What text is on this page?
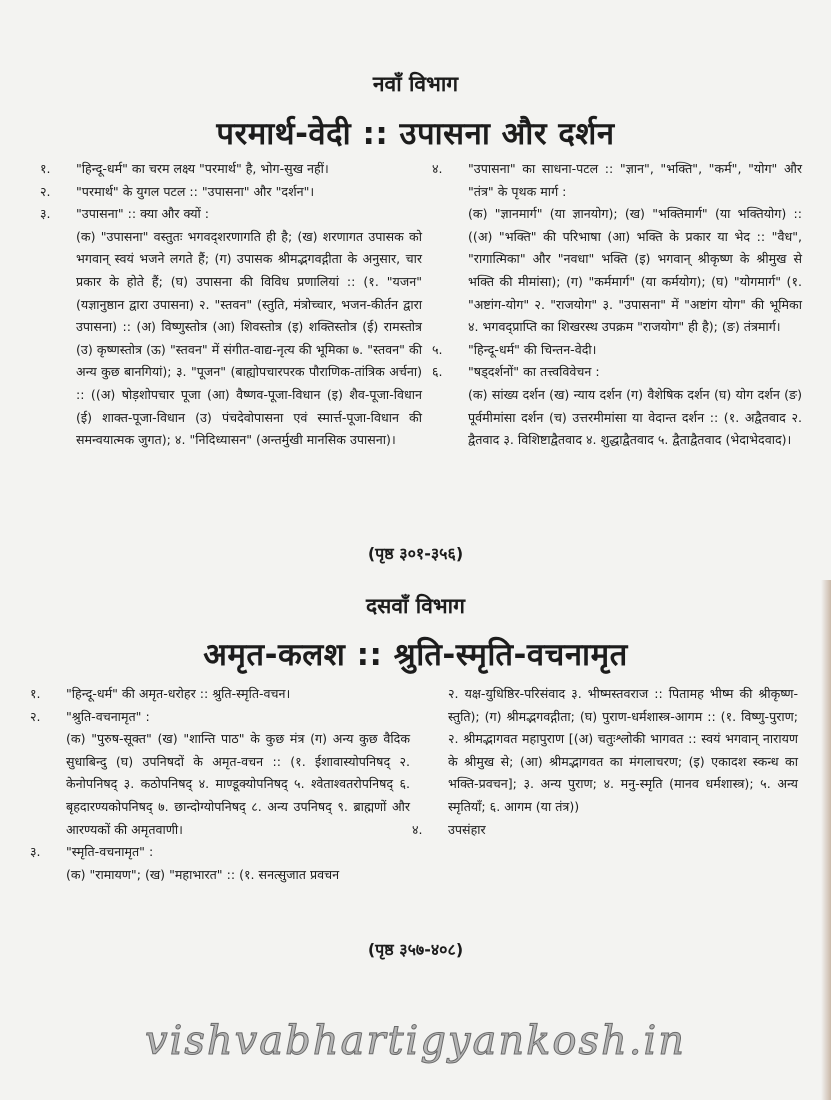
नवाँ विभाग
परमार्थ-वेदी :: उपासना और दर्शन
१.	"हिन्दू-धर्म" का चरम लक्ष्य "परमार्थ" है, भोग-सुख नहीं।
२.	"परमार्थ" के युगल पटल :: "उपासना" और "दर्शन"।
३.	"उपासना" :: क्या और क्यों :
(क) "उपासना" वस्तुतः भगवद्शरणागति ही है; (ख) शरणागत उपासक को भगवान् स्वयं भजने लगते हैं; (ग) उपासक श्रीमद्भगवद्गीता के अनुसार, चार प्रकार के होते हैं; (घ) उपासना की विविध प्रणालियां :: (१. "यजन" (यज्ञानुष्ठान द्वारा उपासना) २. "स्तवन" (स्तुति, मंत्रोच्चार, भजन-कीर्तन द्वारा उपासना) :: (अ) विष्णुस्तोत्र (आ) शिवस्तोत्र (इ) शक्तिस्तोत्र (ई) रामस्तोत्र (उ) कृष्णस्तोत्र (ऊ) "स्तवन" में संगीत-वाद्य-नृत्य की भूमिका ७. "स्तवन" की अन्य कुछ बानगियां); ३. "पूजन" (बाह्योपचारपरक पौराणिक-तांत्रिक अर्चना) :: ((अ) षोड़शोपचार पूजा (आ) वैष्णव-पूजा-विधान (इ) शैव-पूजा-विधान (ई) शाक्त-पूजा-विधान (उ) पंचदेवोपासना एवं स्मार्त्त-पूजा-विधान की समन्वयात्मक जुगत); ४. "निदिध्यासन" (अन्तर्मुखी मानसिक उपासना)।
४.	"उपासना" का साधना-पटल :: "ज्ञान", "भक्ति", "कर्म", "योग" और "तंत्र" के पृथक मार्ग :
(क) "ज्ञानमार्ग" (या ज्ञानयोग); (ख) "भक्तिमार्ग" (या भक्तियोग) :: ((अ) "भक्ति" की परिभाषा (आ) भक्ति के प्रकार या भेद :: "वैध", "रागात्मिका" और "नवधा" भक्ति (इ) भगवान् श्रीकृष्ण के श्रीमुख से भक्ति की मीमांसा); (ग) "कर्ममार्ग" (या कर्मयोग); (घ) "योगमार्ग" (१. "अष्टांग-योग" २. "राजयोग" ३. "उपासना" में "अष्टांग योग" की भूमिका ४. भगवद्प्राप्ति का शिखरस्थ उपक्रम "राजयोग" ही है); (ङ) तंत्रमार्ग।
५.	"हिन्दू-धर्म" की चिन्तन-वेदी।
६.	"षड्दर्शनों" का तत्त्वविवेचन :
(क) सांख्य दर्शन (ख) न्याय दर्शन (ग) वैशेषिक दर्शन (घ) योग दर्शन (ङ) पूर्वमीमांसा दर्शन (च) उत्तरमीमांसा या वेदान्त दर्शन :: (१. अद्वैतवाद २. द्वैतवाद ३. विशिष्टाद्वैतवाद ४. शुद्धाद्वैतवाद ५. द्वैताद्वैतवाद (भेदाभेदवाद)।
(पृष्ठ ३०१-३५६)
दसवाँ विभाग
अमृत-कलश :: श्रुति-स्मृति-वचनामृत
१.	"हिन्दू-धर्म" की अमृत-धरोहर :: श्रुति-स्मृति-वचन।
२.	"श्रुति-वचनामृत" :
(क) "पुरुष-सूक्त" (ख) "शान्ति पाठ" के कुछ मंत्र (ग) अन्य कुछ वैदिक सुधाबिन्दु (घ) उपनिषदों के अमृत-वचन :: (१. ईशावास्योपनिषद् २. केनोपनिषद् ३. कठोपनिषद् ४. माण्डूक्योपनिषद् ५. श्वेताश्वतरोपनिषद् ६. बृहदारण्यकोपनिषद् ७. छान्दोग्योपनिषद् ८. अन्य उपनिषद् ९. ब्राह्मणों और आरण्यकों की अमृतवाणी।
३.	"स्मृति-वचनामृत" :
(क) "रामायण"; (ख) "महाभारत" :: (१. सनत्सुजात प्रवचन
२. यक्ष-युधिष्ठिर-परिसंवाद ३. भीष्मस्तवराज :: पितामह भीष्म की श्रीकृष्ण-स्तुति); (ग) श्रीमद्भगवद्गीता; (घ) पुराण-धर्मशास्त्र-आगम :: (१. विष्णु-पुराण; २. श्रीमद्भागवत महापुराण [(अ) चतुःश्लोकी भागवत :: स्वयं भगवान् नारायण के श्रीमुख से; (आ) श्रीमद्भागवत का मंगलाचरण; (इ) एकादश स्कन्ध का भक्ति-प्रवचन]; ३. अन्य पुराण; ४. मनु-स्मृति (मानव धर्मशास्त्र); ५. अन्य स्मृतियाँ; ६. आगम (या तंत्र))
४.	उपसंहार
(पृष्ठ ३५७-४०८)
vishvabhartigyankosh.in
